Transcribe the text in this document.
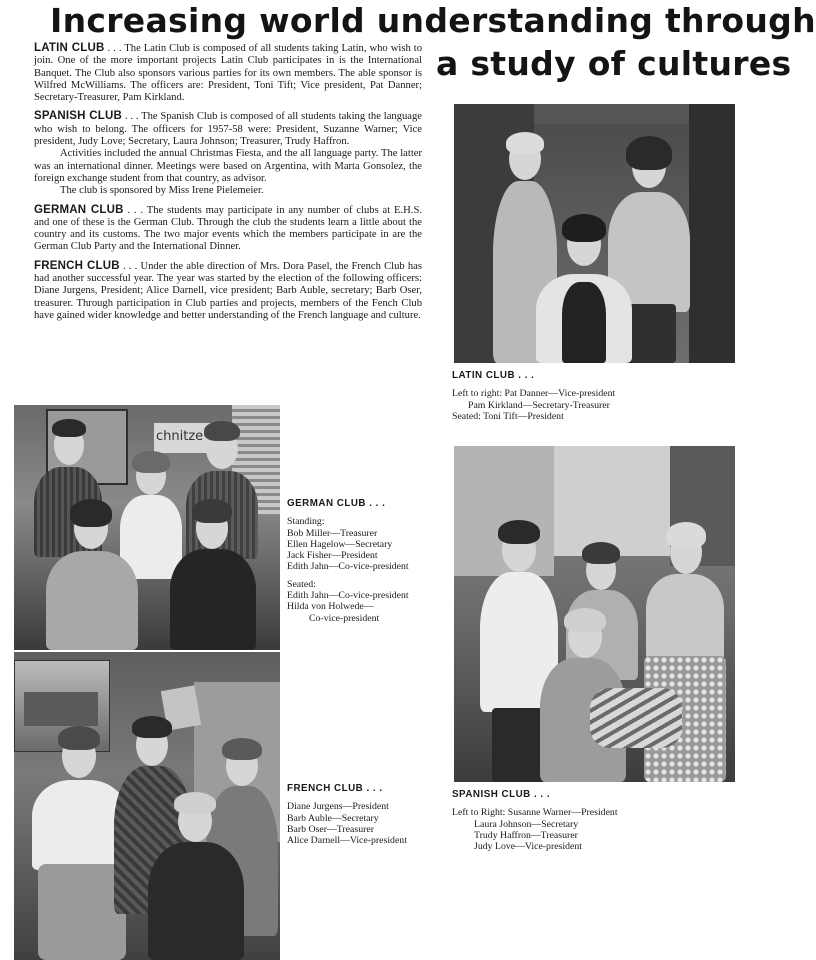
Increasing world understanding through
a study of cultures

LATIN CLUB . . . The Latin Club is composed of all students taking Latin, who wish to join. One of the more important projects Latin Club participates in is the International Banquet. The Club also sponsors various parties for its own members. The able sponsor is Wilfred McWilliams. The officers are: President, Toni Tift; Vice president, Pat Danner; Secretary-Treasurer, Pam Kirkland.

SPANISH CLUB . . . The Spanish Club is composed of all students taking the language who wish to belong. The officers for 1957-58 were: President, Suzanne Warner; Vice president, Judy Love; Secretary, Laura Johnson; Treasurer, Trudy Haffron.

Activities included the annual Christmas Fiesta, and the all language party. The latter was an international dinner. Meetings were based on Argentina, with Marta Gonsolez, the foreign exchange student from that country, as advisor.

The club is sponsored by Miss Irene Pielemeier.

GERMAN CLUB . . . The students may participate in any number of clubs at E.H.S. and one of these is the German Club. Through the club the students learn a little about the country and its customs. The two major events which the members participate in are the German Club Party and the International Dinner.

FRENCH CLUB . . . Under the able direction of Mrs. Dora Pasel, the French Club has had another successful year. The year was started by the election of the following officers: Diane Jurgens, President; Alice Darnell, vice president; Barb Auble, secretary; Barb Oser, treasurer. Through participation in Club parties and projects, members of the Fench Club have gained wider knowledge and better understanding of the French language and culture.

LATIN CLUB . . .
Left to right: Pat Danner—Vice-president
Pam Kirkland—Secretary-Treasurer
Seated: Toni Tift—President
chnitze
GERMAN CLUB . . .
Standing:
Bob Miller—Treasurer
Ellen Hagelow—Secretary
Jack Fisher—President
Edith Jahn—Co-vice-president
Seated:
Edith Jahn—Co-vice-president
Hilda von Holwede—
Co-vice-president
FRENCH CLUB . . .
Diane Jurgens—President
Barb Auble—Secretary
Barb Oser—Treasurer
Alice Darnell—Vice-president
SPANISH CLUB . . .
Left to Right: Susanne Warner—President
Laura Johnson—Secretary
Trudy Haffron—Treasurer
Judy Love—Vice-president
